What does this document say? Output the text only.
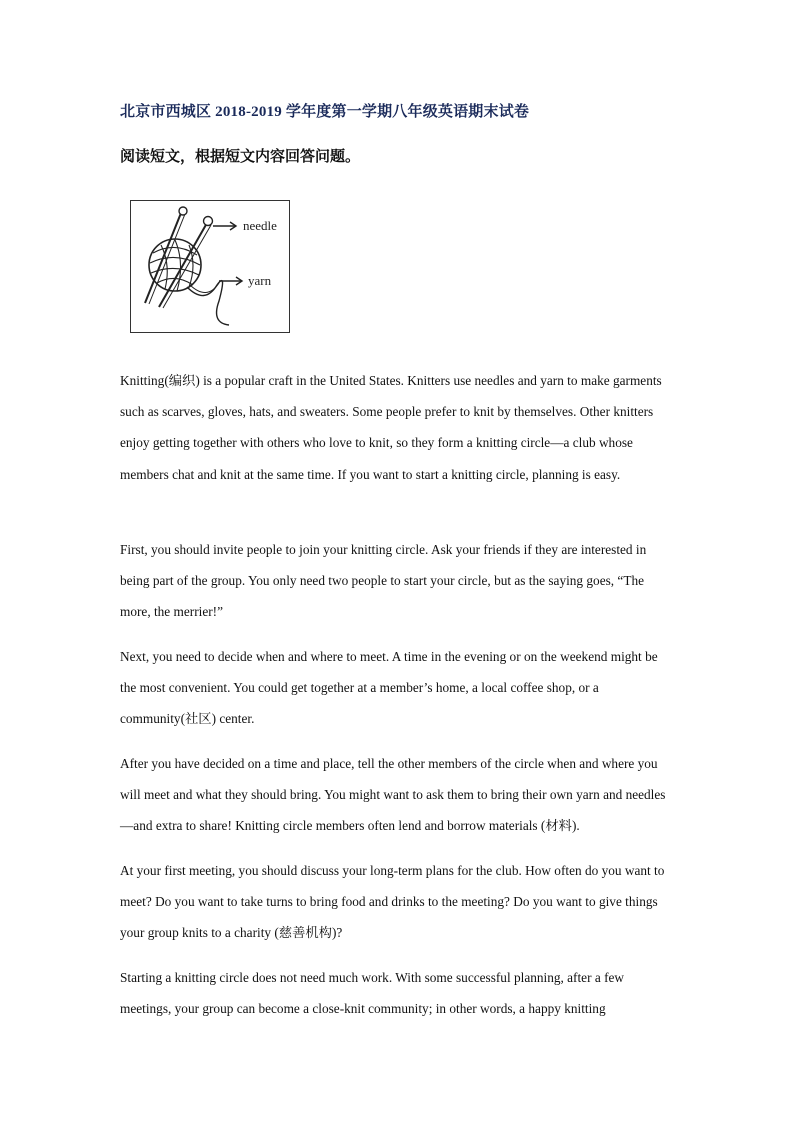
北京市西城区 2018-2019 学年度第一学期八年级英语期末试卷

阅读短文，根据短文内容回答问题。

needle
yarn

Knitting(编织) is a popular craft in the United States. Knitters use needles and yarn to make garments such as scarves, gloves, hats, and sweaters. Some people prefer to knit by themselves. Other knitters enjoy getting together with others who love to knit, so they form a knitting circle—a club whose members chat and knit at the same time. If you want to start a knitting circle, planning is easy.

First, you should invite people to join your knitting circle. Ask your friends if they are interested in being part of the group. You only need two people to start your circle, but as the saying goes, “The more, the merrier!”

Next, you need to decide when and where to meet. A time in the evening or on the weekend might be the most convenient. You could get together at a member’s home, a local coffee shop, or a community(社区) center.

After you have decided on a time and place, tell the other members of the circle when and where you will meet and what they should bring. You might want to ask them to bring their own yarn and needles—and extra to share! Knitting circle members often lend and borrow materials (材料).

At your first meeting, you should discuss your long-term plans for the club. How often do you want to meet? Do you want to take turns to bring food and drinks to the meeting? Do you want to give things your group knits to a charity (慈善机构)?

Starting a knitting circle does not need much work. With some successful planning, after a few meetings, your group can become a close-knit community; in other words, a happy knitting
